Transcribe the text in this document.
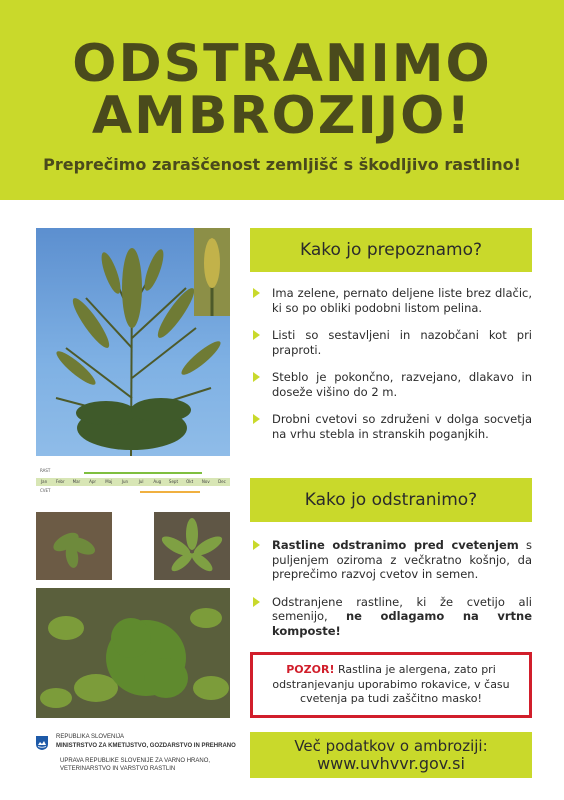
ODSTRANIMO
AMBROZIJO!
Preprečimo zaraščenost zemljišč s škodljivo rastlino!
RAST
Jan	Febr	Mar	Apr	Maj	Jun	Jul	Aug	Sept	Okt	Nov	Dec
CVET
Kako jo prepoznamo?
Ima zelene, pernato deljene liste brez dlačic, ki so po obliki podobni listom pelina.
Listi so sestavljeni in nazobčani kot pri praproti.
Steblo je pokončno, razvejano, dlakavo in doseže višino do 2 m.
Drobni cvetovi so združeni v dolga socvetja na vrhu stebla in stranskih poganjkih.
Kako jo odstranimo?
Rastline odstranimo pred cvetenjem s puljenjem oziroma z večkratno košnjo, da preprečimo razvoj cvetov in semen.
Odstranjene rastline, ki že cvetijo ali semenijo, ne odlagamo na vrtne komposte!
POZOR! Rastlina je alergena, zato pri odstranjevanju uporabimo rokavice, v času cvetenja pa tudi zaščitno masko!
Več podatkov o ambroziji:
www.uvhvvr.gov.si
REPUBLIKA SLOVENIJA
MINISTRSTVO ZA KMETIJSTVO, GOZDARSTVO IN PREHRANO
UPRAVA REPUBLIKE SLOVENIJE ZA VARNO HRANO,
VETERINARSTVO IN VARSTVO RASTLIN
